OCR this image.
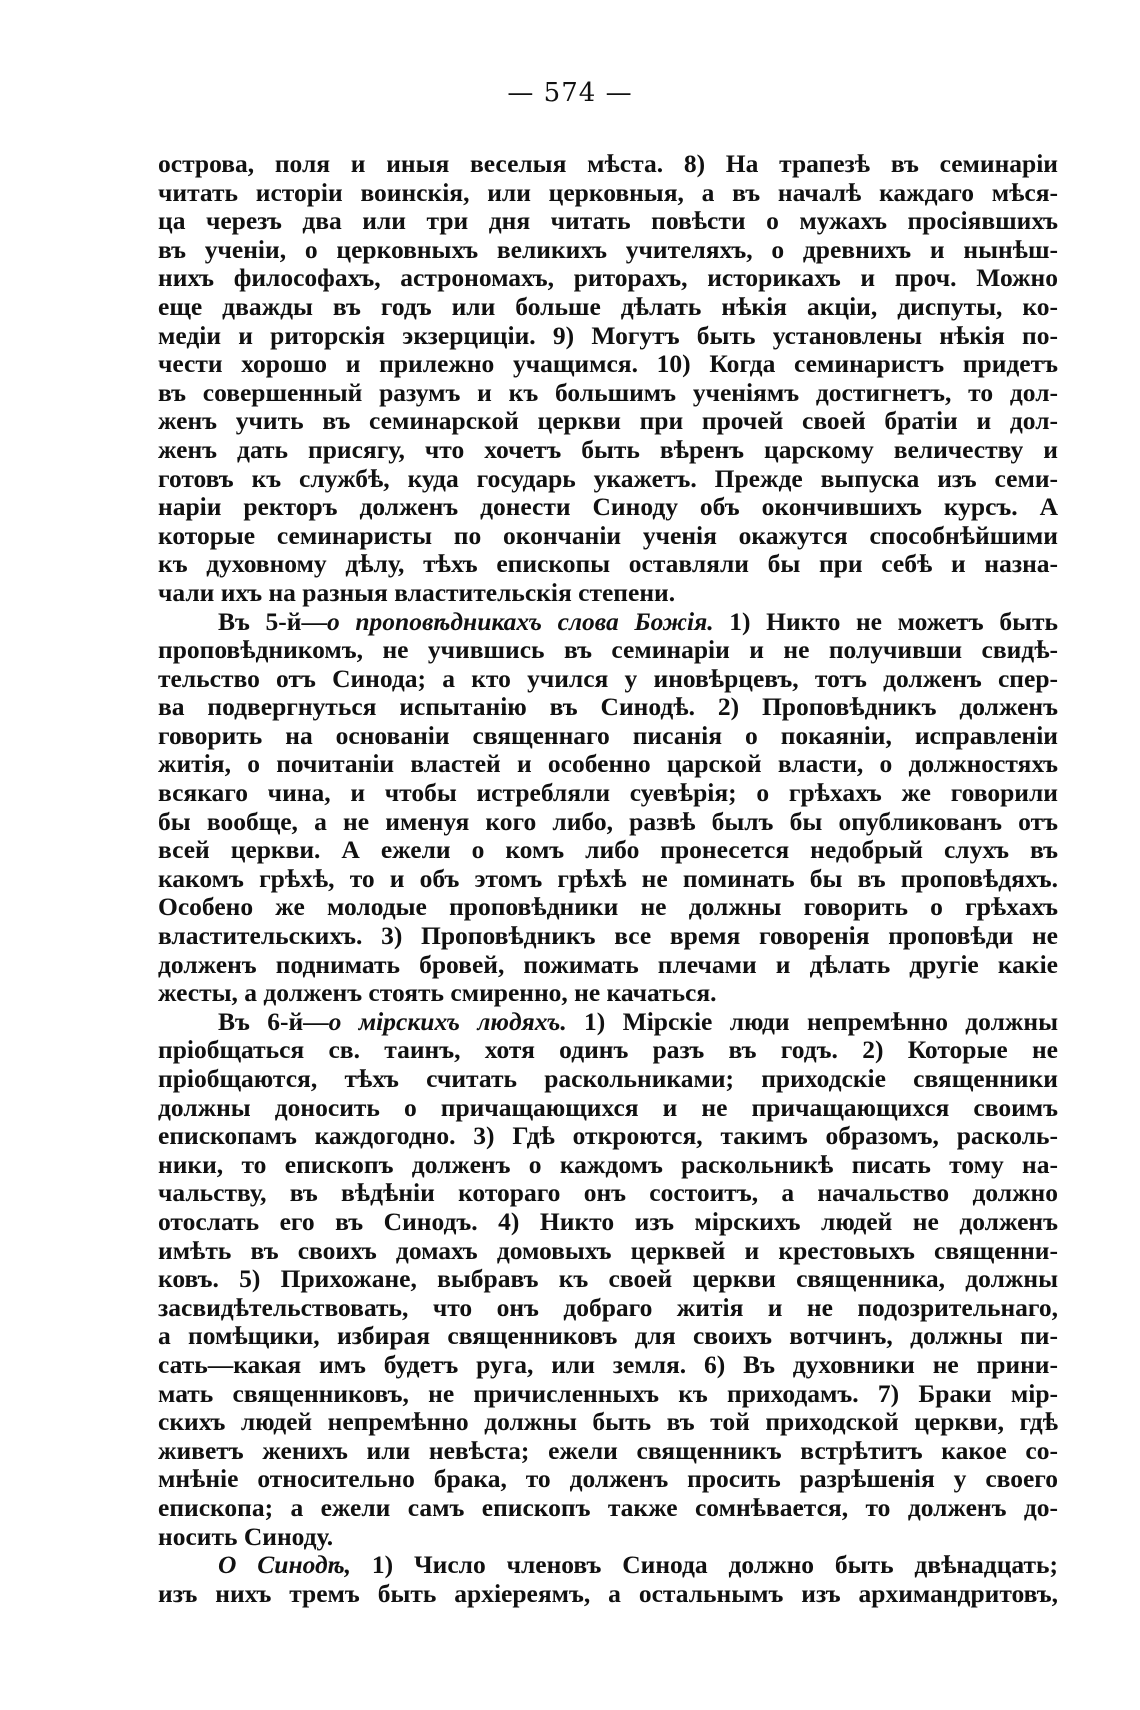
— 574 —
острова, поля и иныя веселыя мѣста. 8) На трапезѣ въ семинаріи
читать исторіи воинскія, или церковныя, а въ началѣ каждаго мѣся-
ца черезъ два или три дня читать повѣсти о мужахъ просіявшихъ
въ ученіи, о церковныхъ великихъ учителяхъ, о древнихъ и нынѣш-
нихъ философахъ, астрономахъ, риторахъ, историкахъ и проч. Можно
еще дважды въ годъ или больше дѣлать нѣкія акціи, диспуты, ко-
медіи и риторскія экзерциціи. 9) Могутъ быть установлены нѣкія по-
чести хорошо и прилежно учащимся. 10) Когда семинаристъ придетъ
въ совершенный разумъ и къ большимъ ученіямъ достигнетъ, то дол-
женъ учить въ семинарской церкви при прочей своей братіи и дол-
женъ дать присягу, что хочетъ быть вѣренъ царскому величеству и
готовъ къ службѣ, куда государь укажетъ. Прежде выпуска изъ семи-
наріи ректоръ долженъ донести Синоду объ окончившихъ курсъ. А
которые семинаристы по окончаніи ученія окажутся способнѣйшими
къ духовному дѣлу, тѣхъ епископы оставляли бы при себѣ и назна-
чали ихъ на разныя властительскія степени.
Въ 5-й—о проповѣдникахъ слова Божія. 1) Никто не можетъ быть
проповѣдникомъ, не учившись въ семинаріи и не получивши свидѣ-
тельство отъ Синода; а кто учился у иновѣрцевъ, тотъ долженъ спер-
ва подвергнуться испытанію въ Синодѣ. 2) Проповѣдникъ долженъ
говорить на основаніи священнаго писанія о покаяніи, исправленіи
житія, о почитаніи властей и особенно царской власти, о должностяхъ
всякаго чина, и чтобы истребляли суевѣрія; о грѣхахъ же говорили
бы вообще, а не именуя кого либо, развѣ былъ бы опубликованъ отъ
всей церкви. А ежели о комъ либо пронесется недобрый слухъ въ
какомъ грѣхѣ, то и объ этомъ грѣхѣ не поминать бы въ проповѣдяхъ.
Особено же молодые проповѣдники не должны говорить о грѣхахъ
властительскихъ. 3) Проповѣдникъ все время говоренія проповѣди не
долженъ поднимать бровей, пожимать плечами и дѣлать другіе какіе
жесты, а долженъ стоять смиренно, не качаться.
Въ 6-й—о мірскихъ людяхъ. 1) Мірскіе люди непремѣнно должны
пріобщаться св. таинъ, хотя одинъ разъ въ годъ. 2) Которые не
пріобщаются, тѣхъ считать раскольниками; приходскіе священники
должны доносить о причащающихся и не причащающихся своимъ
епископамъ каждогодно. 3) Гдѣ откроются, такимъ образомъ, расколь-
ники, то епископъ долженъ о каждомъ раскольникѣ писать тому на-
чальству, въ вѣдѣніи котораго онъ состоитъ, а начальство должно
отослать его въ Синодъ. 4) Никто изъ мірскихъ людей не долженъ
имѣть въ своихъ домахъ домовыхъ церквей и крестовыхъ священни-
ковъ. 5) Прихожане, выбравъ къ своей церкви священника, должны
засвидѣтельствовать, что онъ добраго житія и не подозрительнаго,
а помѣщики, избирая священниковъ для своихъ вотчинъ, должны пи-
сать—какая имъ будетъ руга, или земля. 6) Въ духовники не прини-
мать священниковъ, не причисленныхъ къ приходамъ. 7) Браки мір-
скихъ людей непремѣнно должны быть въ той приходской церкви, гдѣ
живетъ женихъ или невѣста; ежели священникъ встрѣтитъ какое со-
мнѣніе относительно брака, то долженъ просить разрѣшенія у своего
епископа; а ежели самъ епископъ также сомнѣвается, то долженъ до-
носить Синоду.
О Синодѣ, 1) Число членовъ Синода должно быть двѣнадцать;
изъ нихъ тремъ быть архіереямъ, а остальнымъ изъ архимандритовъ,
